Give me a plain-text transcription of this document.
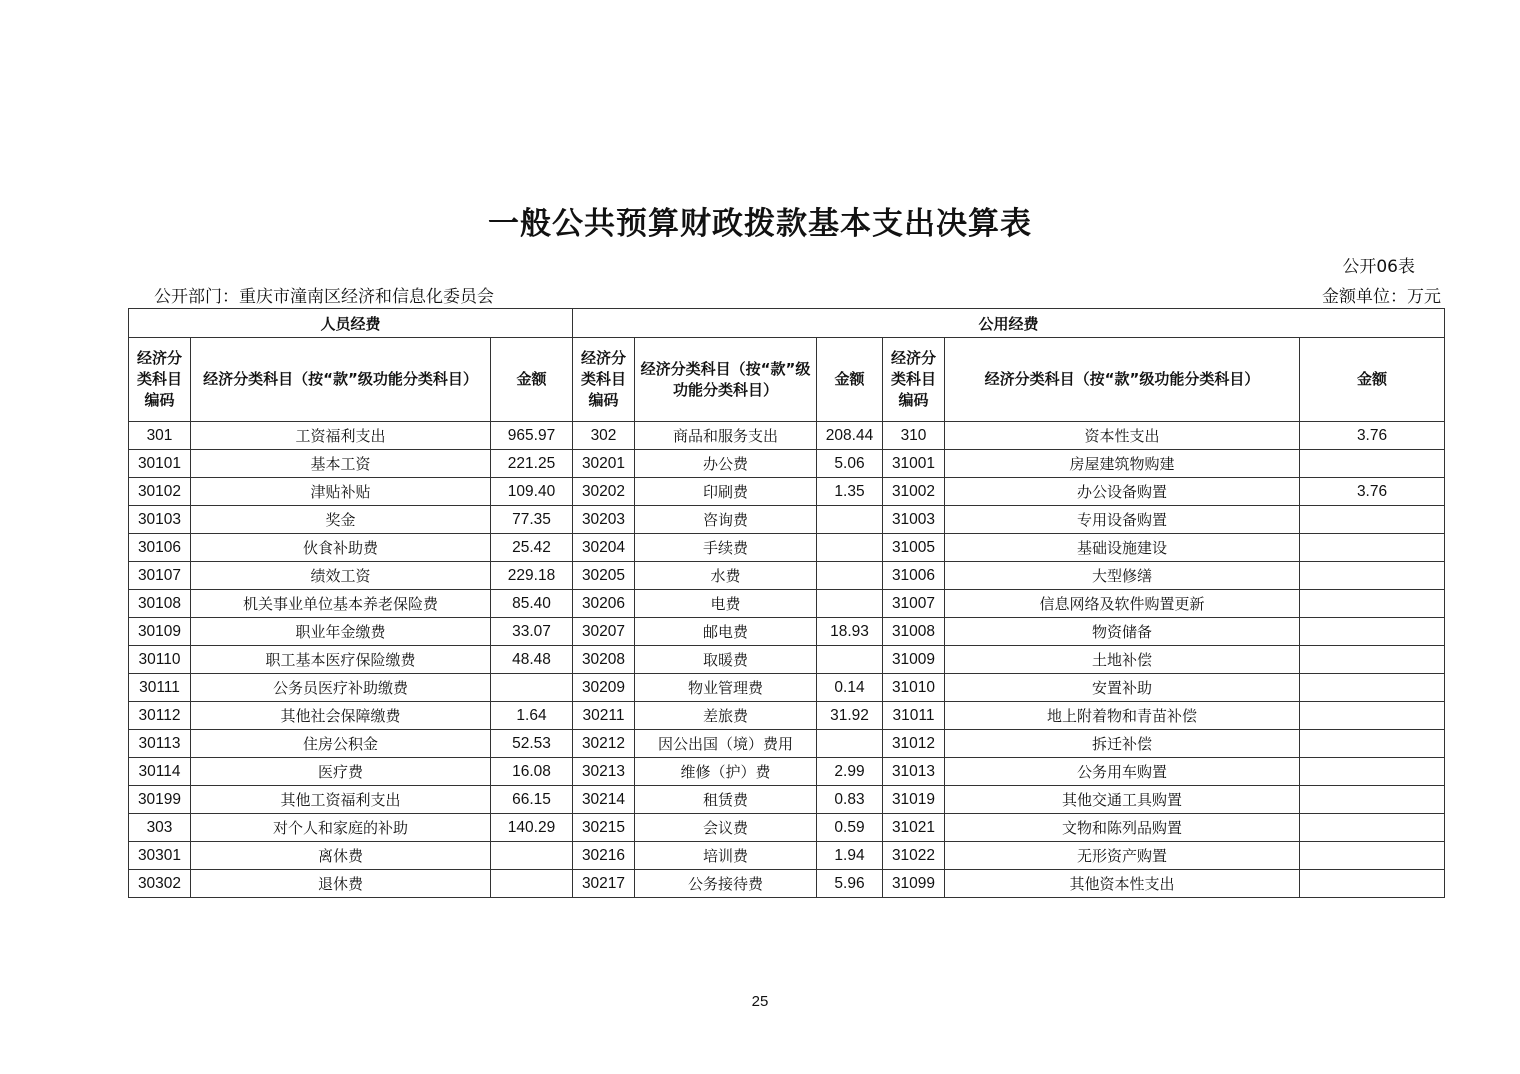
一般公共预算财政拨款基本支出决算表
公开06表
公开部门：重庆市潼南区经济和信息化委员会	金额单位：万元
人员经费			公用经费					
经济分类科目编码	经济分类科目（按“款”级功能分类科目）	金额	经济分类科目编码	经济分类科目（按“款”级功能分类科目）	金额	经济分类科目编码	经济分类科目（按“款”级功能分类科目）	金额
301	工资福利支出	965.97	302	商品和服务支出	208.44	310	资本性支出	3.76
30101	基本工资	221.25	30201	办公费	5.06	31001	房屋建筑物购建	
30102	津贴补贴	109.40	30202	印刷费	1.35	31002	办公设备购置	3.76
30103	奖金	77.35	30203	咨询费		31003	专用设备购置	
30106	伙食补助费	25.42	30204	手续费		31005	基础设施建设	
30107	绩效工资	229.18	30205	水费		31006	大型修缮	
30108	机关事业单位基本养老保险费	85.40	30206	电费		31007	信息网络及软件购置更新	
30109	职业年金缴费	33.07	30207	邮电费	18.93	31008	物资储备	
30110	职工基本医疗保险缴费	48.48	30208	取暖费		31009	土地补偿	
30111	公务员医疗补助缴费		30209	物业管理费	0.14	31010	安置补助	
30112	其他社会保障缴费	1.64	30211	差旅费	31.92	31011	地上附着物和青苗补偿	
30113	住房公积金	52.53	30212	因公出国（境）费用		31012	拆迁补偿	
30114	医疗费	16.08	30213	维修（护）费	2.99	31013	公务用车购置	
30199	其他工资福利支出	66.15	30214	租赁费	0.83	31019	其他交通工具购置	
303	对个人和家庭的补助	140.29	30215	会议费	0.59	31021	文物和陈列品购置	
30301	离休费		30216	培训费	1.94	31022	无形资产购置	
30302	退休费		30217	公务接待费	5.96	31099	其他资本性支出	
25
